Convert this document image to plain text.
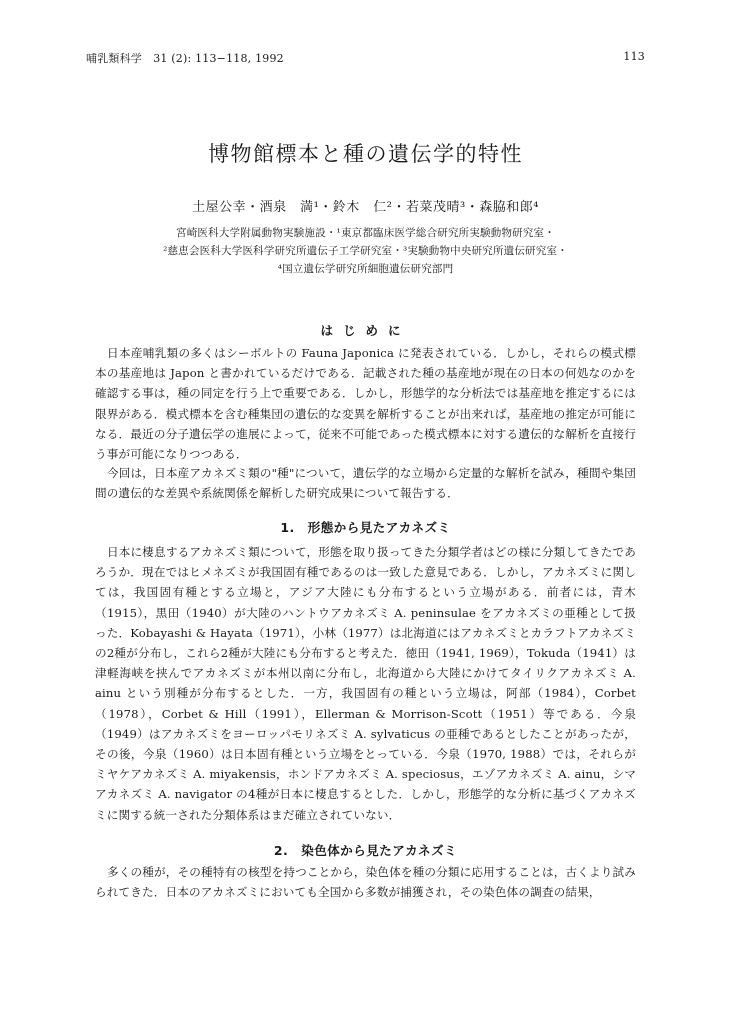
哺乳類科学　31 (2): 113−118, 1992	113
博物館標本と種の遺伝学的特性
土屋公幸・酒泉　満¹・鈴木　仁²・若菜茂晴³・森脇和郎⁴
宮崎医科大学附属動物実験施設・¹東京都臨床医学総合研究所実験動物研究室・
²慈恵会医科大学医科学研究所遺伝子工学研究室・³実験動物中央研究所遺伝研究室・
⁴国立遺伝学研究所細胞遺伝研究部門
はじめに

日本産哺乳類の多くはシーボルトの Fauna Japonica に発表されている．しかし，それらの模式標本の基産地は Japon と書かれているだけである．記載された種の基産地が現在の日本の何処なのかを確認する事は，種の同定を行う上で重要である．しかし，形態学的な分析法では基産地を推定するには限界がある．模式標本を含む種集団の遺伝的な変異を解析することが出来れば，基産地の推定が可能になる．最近の分子遺伝学の進展によって，従来不可能であった模式標本に対する遺伝的な解析を直接行う事が可能になりつつある．

今回は，日本産アカネズミ類の"種"について，遺伝学的な立場から定量的な解析を試み，種間や集団間の遺伝的な差異や系統関係を解析した研究成果について報告する．

1.　形態から見たアカネズミ

日本に棲息するアカネズミ類について，形態を取り扱ってきた分類学者はどの様に分類してきたであろうか．現在ではヒメネズミが我国固有種であるのは一致した意見である．しかし，アカネズミに関しては，我国固有種とする立場と，アジア大陸にも分布するという立場がある．前者には，青木（1915），黒田（1940）が大陸のハントウアカネズミ A. peninsulae をアカネズミの亜種として扱った．Kobayashi & Hayata（1971），小林（1977）は北海道にはアカネズミとカラフトアカネズミの2種が分布し，これら2種が大陸にも分布すると考えた．徳田（1941, 1969），Tokuda（1941）は津軽海峡を挟んでアカネズミが本州以南に分布し，北海道から大陸にかけてタイリクアカネズミ A. ainu という別種が分布するとした．一方，我国固有の種という立場は，阿部（1984），Corbet（1978），Corbet & Hill（1991），Ellerman & Morrison-Scott（1951）等である．今泉（1949）はアカネズミをヨーロッパモリネズミ A. sylvaticus の亜種であるとしたことがあったが，その後，今泉（1960）は日本固有種という立場をとっている．今泉（1970, 1988）では，それらがミヤケアカネズミ A. miyakensis，ホンドアカネズミ A. speciosus，エゾアカネズミ A. ainu，シマアカネズミ A. navigator の4種が日本に棲息するとした．しかし，形態学的な分析に基づくアカネズミに関する統一された分類体系はまだ確立されていない．

2.　染色体から見たアカネズミ

多くの種が，その種特有の核型を持つことから，染色体を種の分類に応用することは，古くより試みられてきた．日本のアカネズミにおいても全国から多数が捕獲され，その染色体の調査の結果，
